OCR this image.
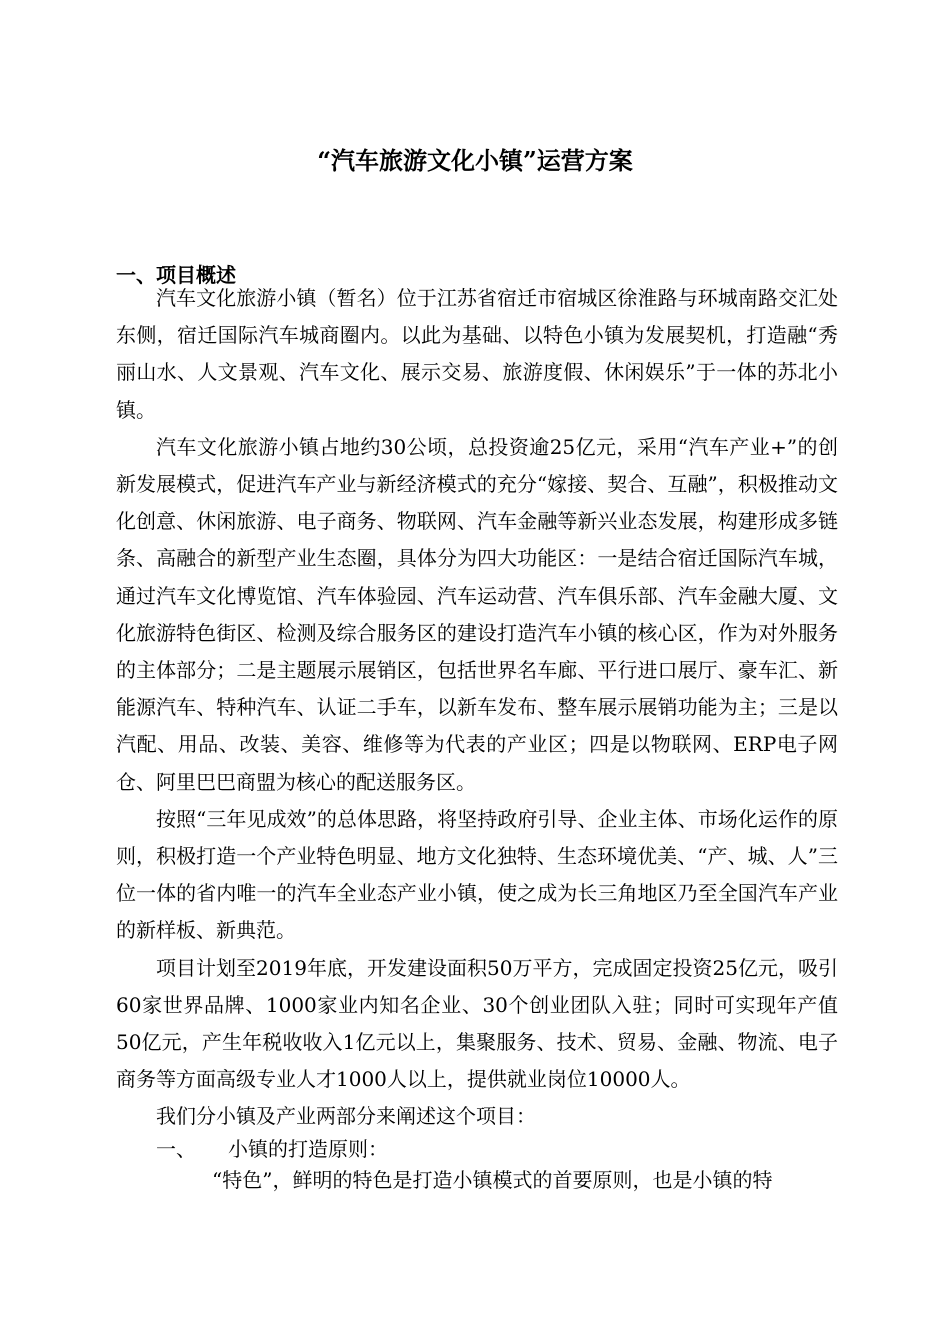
“汽车旅游文化小镇”运营方案
一、项目概述

汽车文化旅游小镇（暂名）位于江苏省宿迁市宿城区徐淮路与环城南路交汇处东侧，宿迁国际汽车城商圈内。以此为基础、以特色小镇为发展契机，打造融“秀丽山水、人文景观、汽车文化、展示交易、旅游度假、休闲娱乐”于一体的苏北小镇。

汽车文化旅游小镇占地约30公顷，总投资逾25亿元，采用“汽车产业+”的创新发展模式，促进汽车产业与新经济模式的充分“嫁接、契合、互融”，积极推动文化创意、休闲旅游、电子商务、物联网、汽车金融等新兴业态发展，构建形成多链条、高融合的新型产业生态圈，具体分为四大功能区：一是结合宿迁国际汽车城，通过汽车文化博览馆、汽车体验园、汽车运动营、汽车俱乐部、汽车金融大厦、文化旅游特色街区、检测及综合服务区的建设打造汽车小镇的核心区，作为对外服务的主体部分；二是主题展示展销区，包括世界名车廊、平行进口展厅、豪车汇、新能源汽车、特种汽车、认证二手车，以新车发布、整车展示展销功能为主；三是以汽配、用品、改装、美容、维修等为代表的产业区；四是以物联网、ERP电子网仓、阿里巴巴商盟为核心的配送服务区。

按照“三年见成效”的总体思路，将坚持政府引导、企业主体、市场化运作的原则，积极打造一个产业特色明显、地方文化独特、生态环境优美、“产、城、人”三位一体的省内唯一的汽车全业态产业小镇，使之成为长三角地区乃至全国汽车产业的新样板、新典范。

项目计划至2019年底，开发建设面积50万平方，完成固定投资25亿元，吸引60家世界品牌、1000家业内知名企业、30个创业团队入驻；同时可实现年产值50亿元，产生年税收收入1亿元以上，集聚服务、技术、贸易、金融、物流、电子商务等方面高级专业人才1000人以上，提供就业岗位10000人。

我们分小镇及产业两部分来阐述这个项目：

一、 小镇的打造原则：

“特色”，鲜明的特色是打造小镇模式的首要原则，也是小镇的特
